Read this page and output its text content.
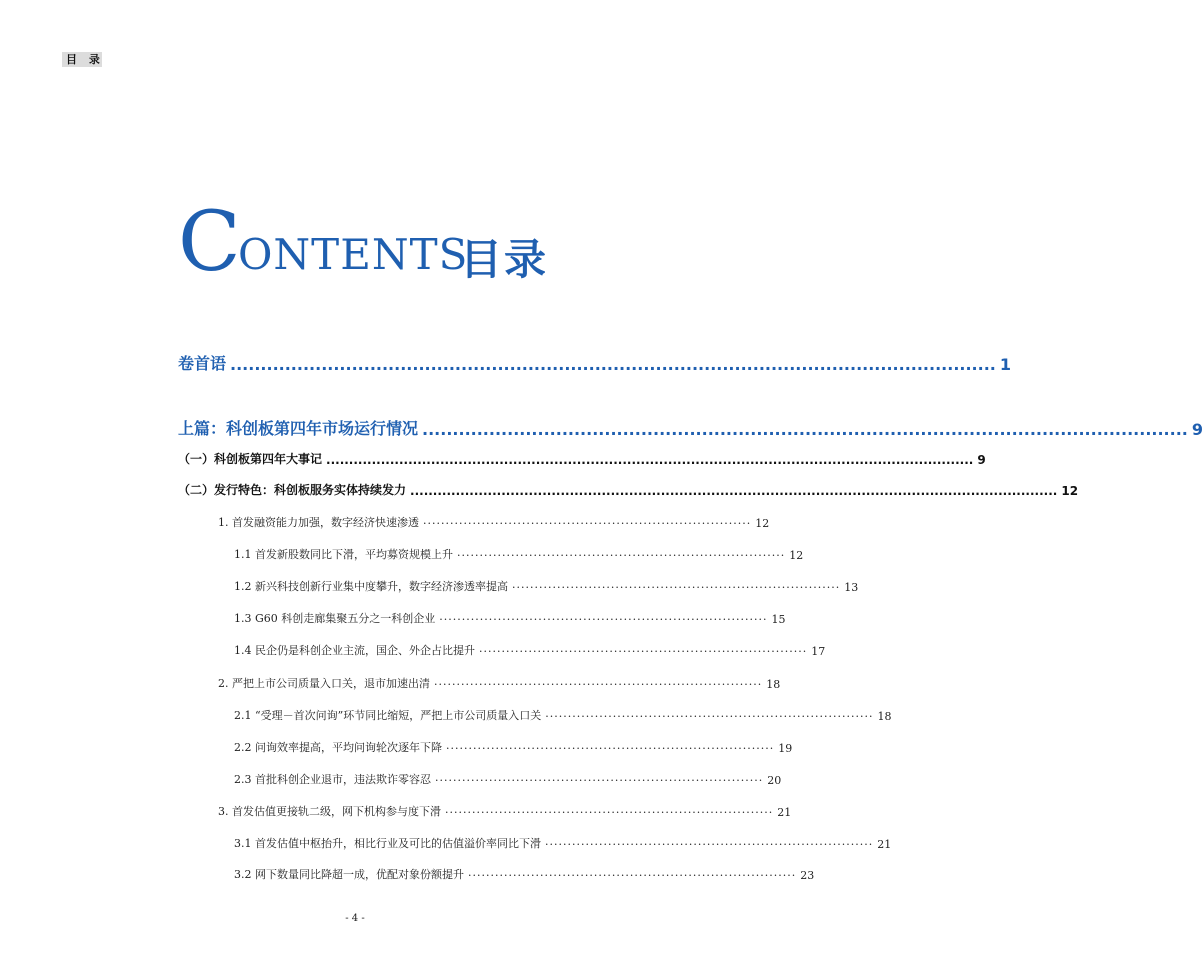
目 录
C
ONTENTS
目录
卷首语 .............................................................................................................................. 1
上篇：科创板第四年市场运行情况 .............................................................................................................................. 9
（一）科创板第四年大事记 .............................................................................................................................................. 9
（二）发行特色：科创板服务实体持续发力 .............................................................................................................................................. 12
1. 首发融资能力加强，数字经济快速渗透 ········································································· 12
1.1 首发新股数同比下滑，平均募资规模上升 ········································································· 12
1.2 新兴科技创新行业集中度攀升，数字经济渗透率提高 ········································································· 13
1.3 G60 科创走廊集聚五分之一科创企业 ········································································· 15
1.4 民企仍是科创企业主流，国企、外企占比提升 ········································································· 17
2. 严把上市公司质量入口关，退市加速出清 ········································································· 18
2.1 “受理－首次问询”环节同比缩短，严把上市公司质量入口关 ········································································· 18
2.2 问询效率提高，平均问询轮次逐年下降 ········································································· 19
2.3 首批科创企业退市，违法欺诈零容忍 ········································································· 20
3. 首发估值更接轨二级，网下机构参与度下滑 ········································································· 21
3.1 首发估值中枢抬升，相比行业及可比的估值溢价率同比下滑 ········································································· 21
3.2 网下数量同比降超一成，优配对象份额提升 ········································································· 23
- 4 -
